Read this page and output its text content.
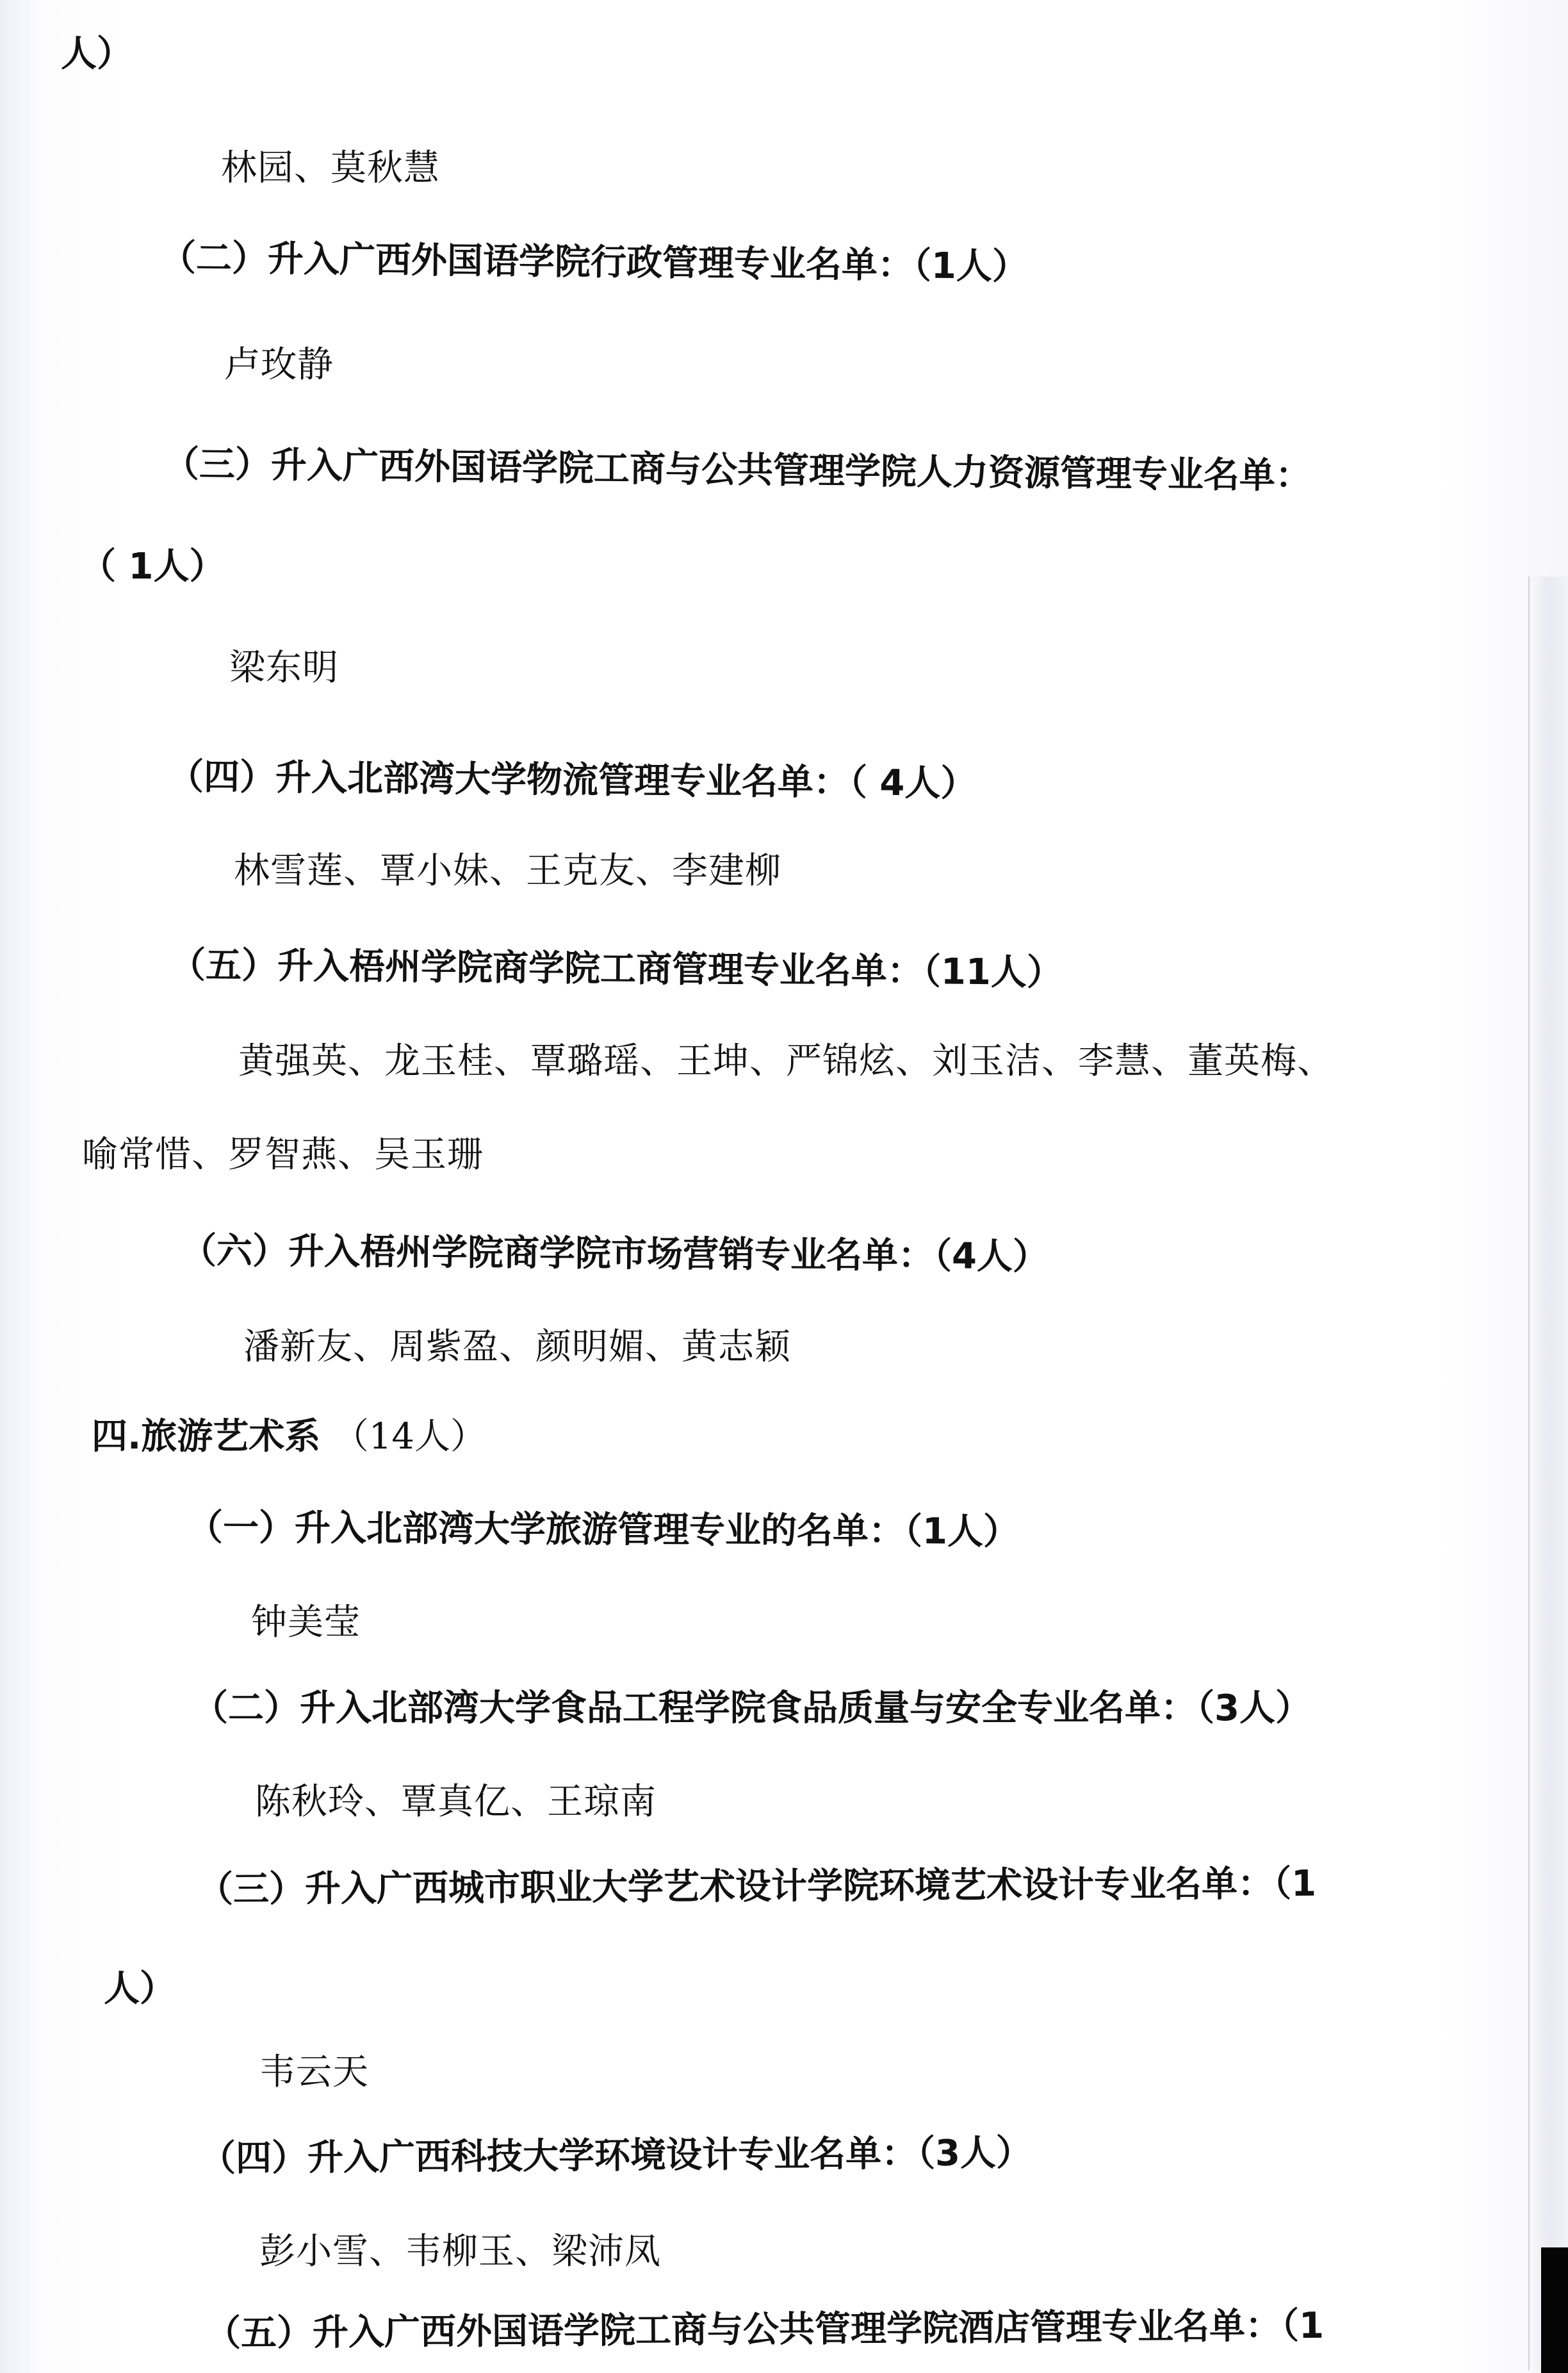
人）
林园、莫秋慧
（二）升入广西外国语学院行政管理专业名单：（1人）
卢玫静
（三）升入广西外国语学院工商与公共管理学院人力资源管理专业名单：
（ 1人）
梁东明
（四）升入北部湾大学物流管理专业名单：（ 4人）
林雪莲、覃小妹、王克友、李建柳
（五）升入梧州学院商学院工商管理专业名单：（11人）
黄强英、龙玉桂、覃璐瑶、王坤、严锦炫、刘玉洁、李慧、董英梅、
喻常惜、罗智燕、吴玉珊
（六）升入梧州学院商学院市场营销专业名单：（4人）
潘新友、周紫盈、颜明媚、黄志颖
四.旅游艺术系 （14人）
（一）升入北部湾大学旅游管理专业的名单：（1人）
钟美莹
（二）升入北部湾大学食品工程学院食品质量与安全专业名单：（3人）
陈秋玲、覃真亿、王琼南
（三）升入广西城市职业大学艺术设计学院环境艺术设计专业名单：（1
人）
韦云天
（四）升入广西科技大学环境设计专业名单：（3人）
彭小雪、韦柳玉、梁沛凤
（五）升入广西外国语学院工商与公共管理学院酒店管理专业名单：（1
